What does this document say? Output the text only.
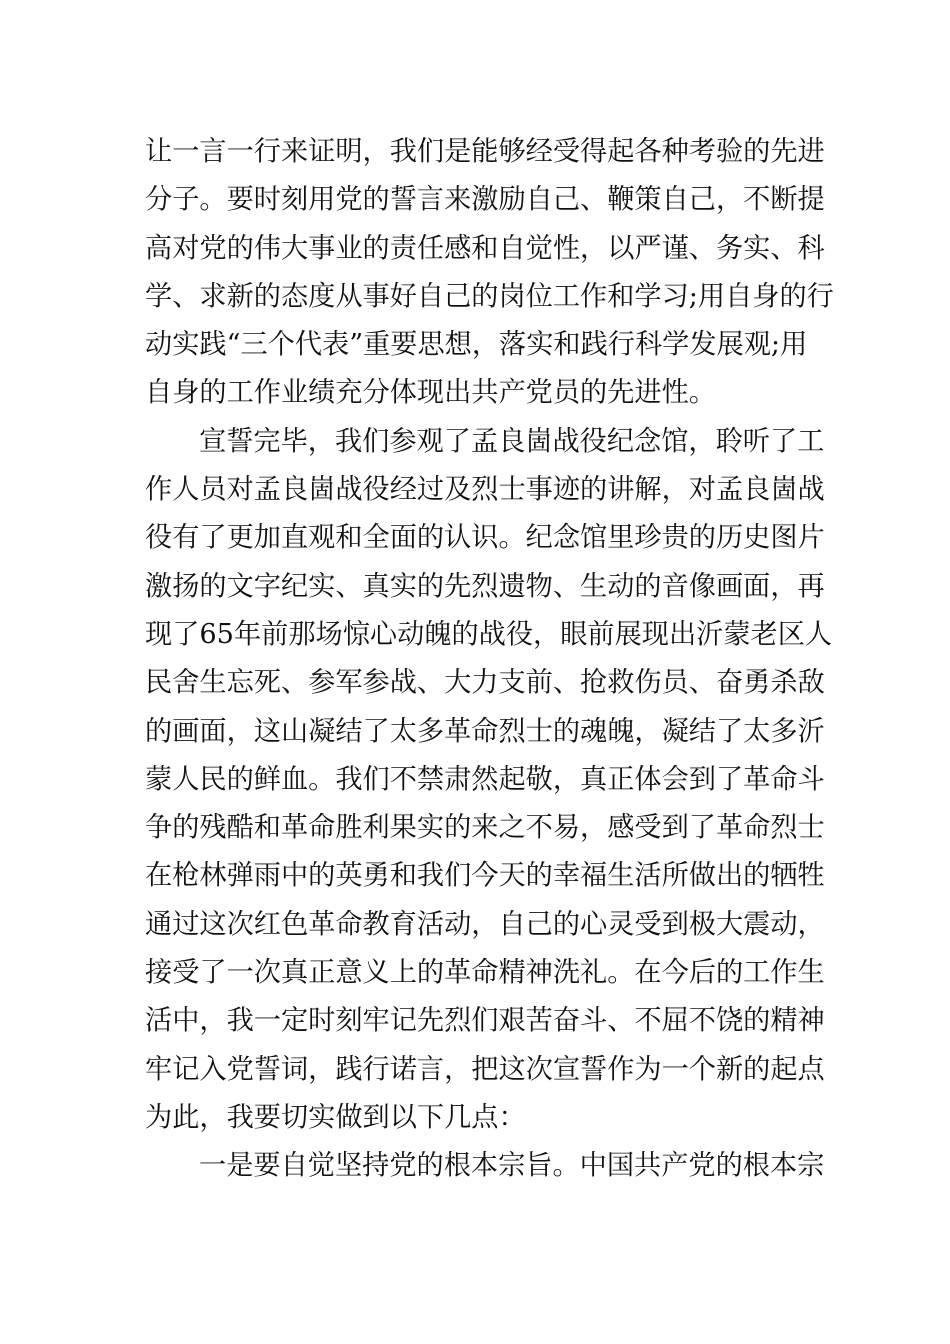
让一言一行来证明，我们是能够经受得起各种考验的先进
分子。要时刻用党的誓言来激励自己、鞭策自己，不断提
高对党的伟大事业的责任感和自觉性，以严谨、务实、科
学、求新的态度从事好自己的岗位工作和学习;用自身的行
动实践“三个代表”重要思想，落实和践行科学发展观;用
自身的工作业绩充分体现出共产党员的先进性。
宣誓完毕，我们参观了孟良崮战役纪念馆，聆听了工
作人员对孟良崮战役经过及烈士事迹的讲解，对孟良崮战
役有了更加直观和全面的认识。纪念馆里珍贵的历史图片
激扬的文字纪实、真实的先烈遗物、生动的音像画面，再
现了65年前那场惊心动魄的战役，眼前展现出沂蒙老区人
民舍生忘死、参军参战、大力支前、抢救伤员、奋勇杀敌
的画面，这山凝结了太多革命烈士的魂魄，凝结了太多沂
蒙人民的鲜血。我们不禁肃然起敬，真正体会到了革命斗
争的残酷和革命胜利果实的来之不易，感受到了革命烈士
在枪林弹雨中的英勇和我们今天的幸福生活所做出的牺牲
通过这次红色革命教育活动，自己的心灵受到极大震动，
接受了一次真正意义上的革命精神洗礼。在今后的工作生
活中，我一定时刻牢记先烈们艰苦奋斗、不屈不饶的精神
牢记入党誓词，践行诺言，把这次宣誓作为一个新的起点
为此，我要切实做到以下几点：
一是要自觉坚持党的根本宗旨。中国共产党的根本宗
